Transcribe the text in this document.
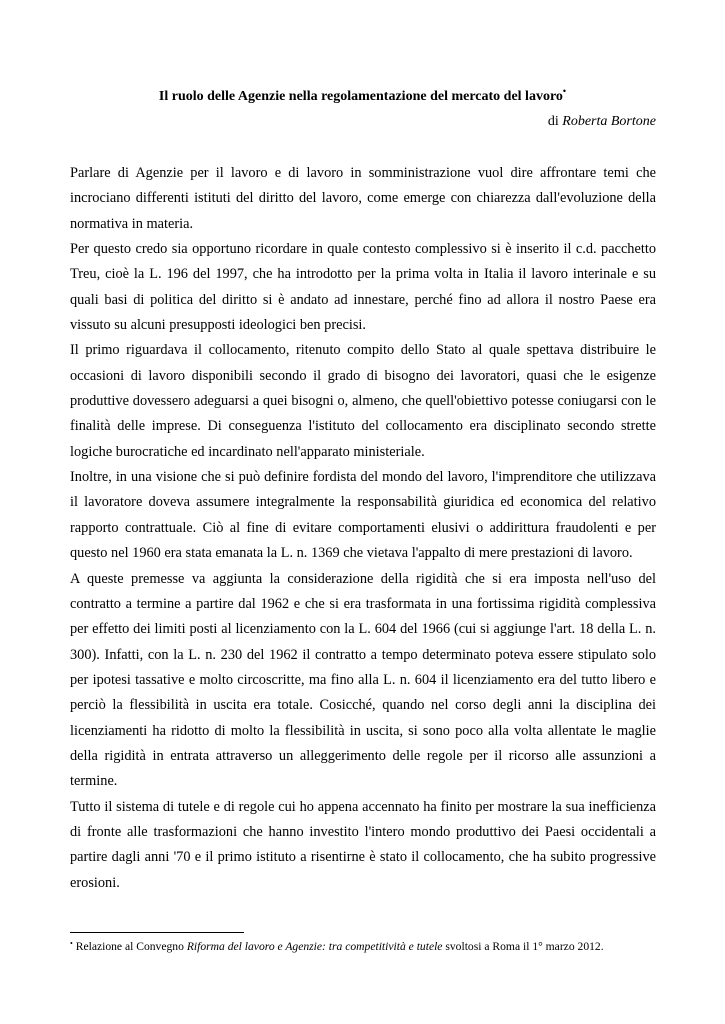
Il ruolo delle Agenzie nella regolamentazione del mercato del lavoro•
di Roberta Bortone

Parlare di Agenzie per il lavoro e di lavoro in somministrazione vuol dire affrontare temi che incrociano differenti istituti del diritto del lavoro, come emerge con chiarezza dall'evoluzione della normativa in materia.

Per questo credo sia opportuno ricordare in quale contesto complessivo si è inserito il c.d. pacchetto Treu, cioè la L. 196 del 1997, che ha introdotto per la prima volta in Italia il lavoro interinale e su quali basi di politica del diritto si è andato ad innestare, perché fino ad allora il nostro Paese era vissuto su alcuni presupposti ideologici ben precisi.

Il primo riguardava il collocamento, ritenuto compito dello Stato al quale spettava distribuire le occasioni di lavoro disponibili secondo il grado di bisogno dei lavoratori, quasi che le esigenze produttive dovessero adeguarsi a quei bisogni o, almeno, che quell'obiettivo potesse coniugarsi con le finalità delle imprese. Di conseguenza l'istituto del collocamento era disciplinato secondo strette logiche burocratiche ed incardinato nell'apparato ministeriale.

Inoltre, in una visione che si può definire fordista del mondo del lavoro, l'imprenditore che utilizzava il lavoratore doveva assumere integralmente la responsabilità giuridica ed economica del relativo rapporto contrattuale. Ciò al fine di evitare comportamenti elusivi o addirittura fraudolenti e per questo nel 1960 era stata emanata la L. n. 1369 che vietava l'appalto di mere prestazioni di lavoro.

A queste premesse va aggiunta la considerazione della rigidità che si era imposta nell'uso del contratto a termine a partire dal 1962 e che si era trasformata in una fortissima rigidità complessiva per effetto dei limiti posti al licenziamento con la L. 604 del 1966 (cui si aggiunge l'art. 18 della L. n. 300). Infatti, con la L. n. 230 del 1962 il contratto a tempo determinato poteva essere stipulato solo per ipotesi tassative e molto circoscritte, ma fino alla L. n. 604 il licenziamento era del tutto libero e perciò la flessibilità in uscita era totale. Cosicché, quando nel corso degli anni la disciplina dei licenziamenti ha ridotto di molto la flessibilità in uscita, si sono poco alla volta allentate le maglie della rigidità in entrata attraverso un alleggerimento delle regole per il ricorso alle assunzioni a termine.

Tutto il sistema di tutele e di regole cui ho appena accennato ha finito per mostrare la sua inefficienza di fronte alle trasformazioni che hanno investito l'intero mondo produttivo dei Paesi occidentali a partire dagli anni '70 e il primo istituto a risentirne è stato il collocamento, che ha subito progressive erosioni.

• Relazione al Convegno Riforma del lavoro e Agenzie: tra competitività e tutele svoltosi a Roma il 1° marzo 2012.
